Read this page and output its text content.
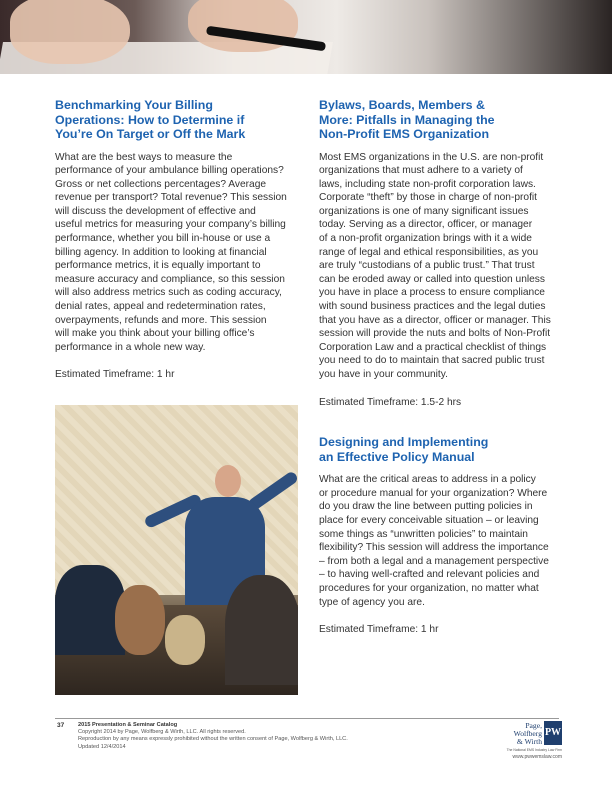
Benchmarking Your Billing
Operations: How to Determine if
You’re On Target or Off the Mark

What are the best ways to measure the
performance of your ambulance billing operations?
Gross or net collections percentages? Average
revenue per transport? Total revenue? This session
will discuss the development of effective and
useful metrics for measuring your company’s billing
performance, whether you bill in-house or use a
billing agency. In addition to looking at financial
performance metrics, it is equally important to
measure accuracy and compliance, so this session
will also address metrics such as coding accuracy,
denial rates, appeal and redetermination rates,
overpayments, refunds and more. This session
will make you think about your billing office’s
performance in a whole new way.

Estimated Timeframe: 1 hr

Bylaws, Boards, Members &
More: Pitfalls in Managing the
Non-Profit EMS Organization

Most EMS organizations in the U.S. are non-profit
organizations that must adhere to a variety of
laws, including state non-profit corporation laws.
Corporate “theft” by those in charge of non-profit
organizations is one of many significant issues
today. Serving as a director, officer, or manager
of a non-profit organization brings with it a wide
range of legal and ethical responsibilities, as you
are truly “custodians of a public trust.” That trust
can be eroded away or called into question unless
you have in place a process to ensure compliance
with sound business practices and the legal duties
that you have as a director, officer or manager. This
session will provide the nuts and bolts of Non-Profit
Corporation Law and a practical checklist of things
you need to do to maintain that sacred public trust
you have in your community.

Estimated Timeframe: 1.5-2 hrs

Designing and Implementing
an Effective Policy Manual

What are the critical areas to address in a policy
or procedure manual for your organization? Where
do you draw the line between putting policies in
place for every conceivable situation – or leaving
some things as “unwritten policies” to maintain
flexibility? This session will address the importance
– from both a legal and a management perspective
– to having well-crafted and relevant policies and
procedures for your organization, no matter what
type of agency you are.

Estimated Timeframe: 1 hr

37 2015 Presentation & Seminar Catalog
Copyright 2014 by Page, Wolfberg & Wirth, LLC. All rights reserved.
Reproduction by any means expressly prohibited without the written consent of Page, Wolfberg & Wirth, LLC.
Updated 12/4/2014
Page,
Wolfberg
& Wirth
PW
The National EMS Industry Law Firm
www.pwwemslaw.com
